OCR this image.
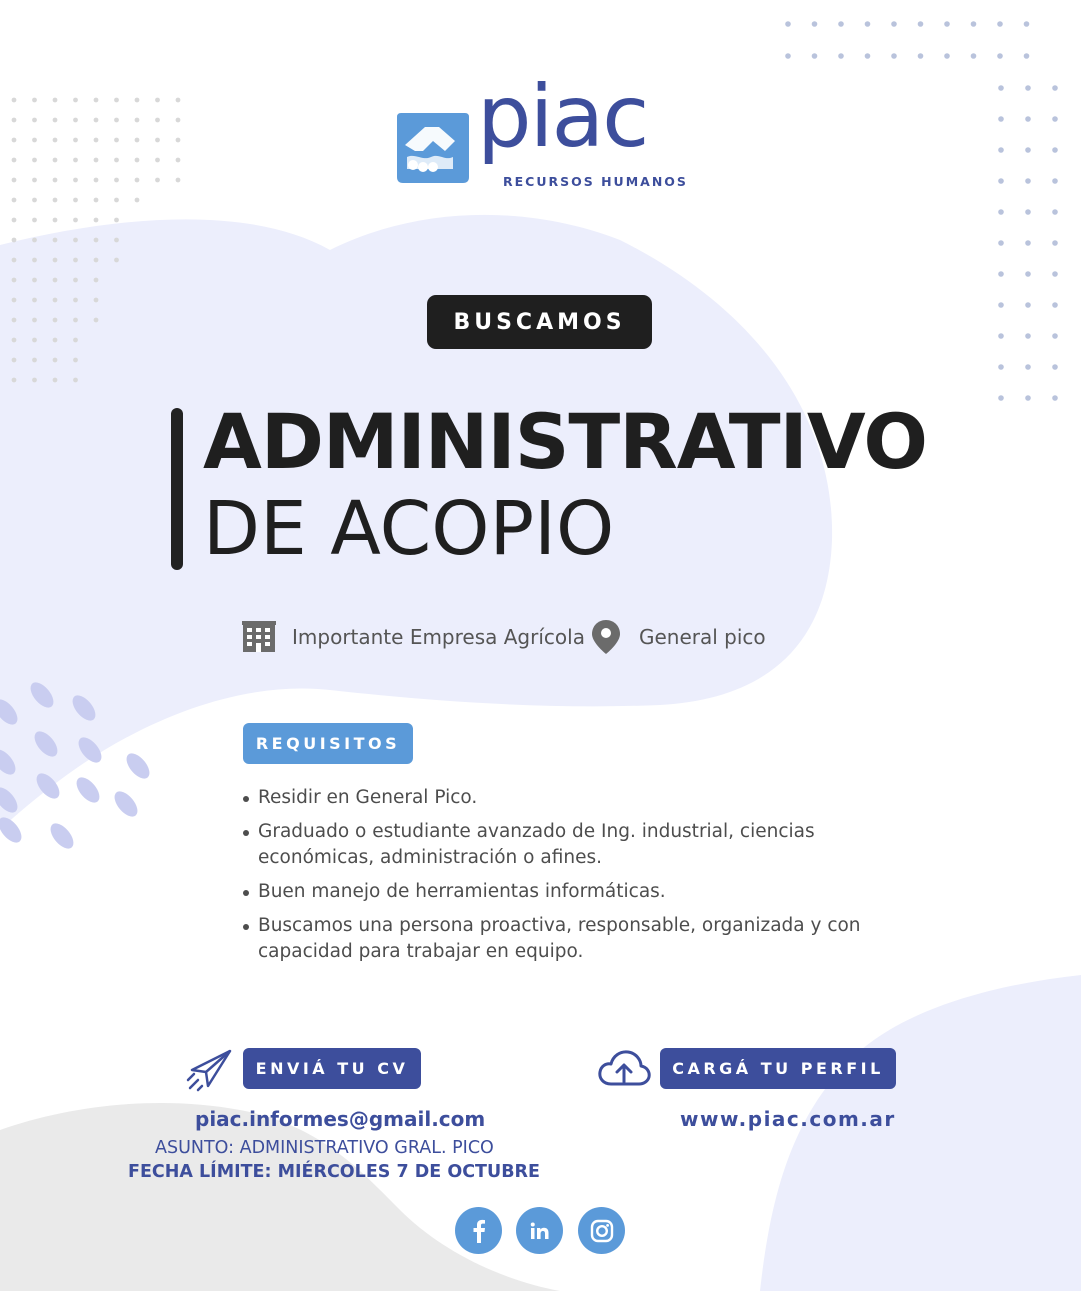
piac
RECURSOS HUMANOS
BUSCAMOS
ADMINISTRATIVO
DE ACOPIO
Importante Empresa Agrícola	General pico
REQUISITOS
Residir en General Pico.
Graduado o estudiante avanzado de Ing. industrial, ciencias económicas, administración o afines.
Buen manejo de herramientas informáticas.
Buscamos una persona proactiva, responsable, organizada y con capacidad para trabajar en equipo.
ENVIÁ TU CV	CARGÁ TU PERFIL
piac.informes@gmail.com
ASUNTO: ADMINISTRATIVO GRAL. PICO
FECHA LÍMITE: MIÉRCOLES 7 DE OCTUBRE
www.piac.com.ar
